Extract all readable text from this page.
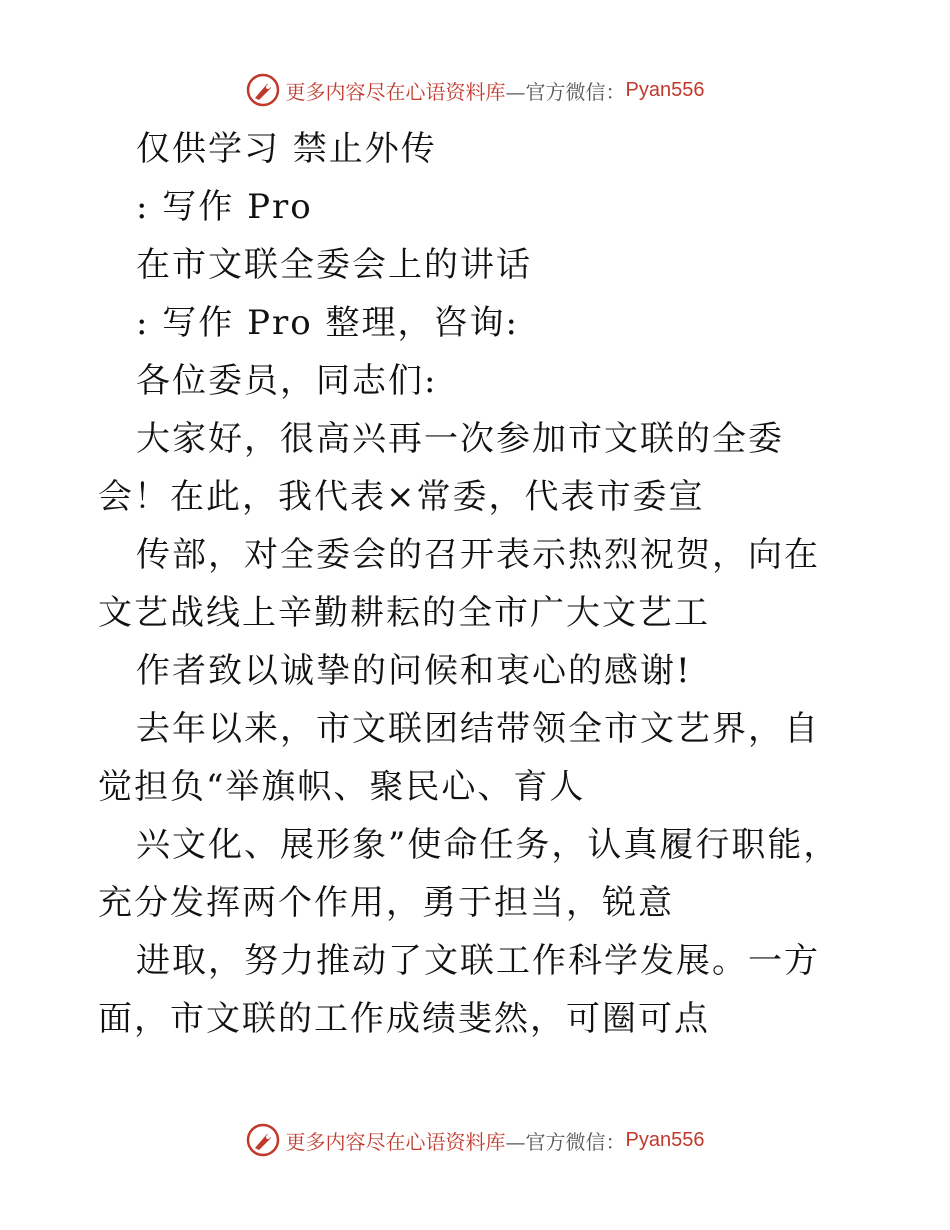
更多内容尽在心语资料库 —官方微信： Pyan556

仅供学习 禁止外传

: 写作 Pro

在市文联全委会上的讲话

: 写作 Pro 整理，咨询:

各位委员，同志们:

大家好，很高兴再一次参加市文联的全委会！在此，我代表×常委，代表市委宣

传部，对全委会的召开表示热烈祝贺，向在文艺战线上辛勤耕耘的全市广大文艺工

作者致以诚挚的问候和衷心的感谢!

去年以来，市文联团结带领全市文艺界，自觉担负“举旗帜、聚民心、育人

兴文化、展形象”使命任务，认真履行职能，充分发挥两个作用，勇于担当，锐意

进取，努力推动了文联工作科学发展。一方面，市文联的工作成绩斐然，可圈可点

更多内容尽在心语资料库 —官方微信： Pyan556
